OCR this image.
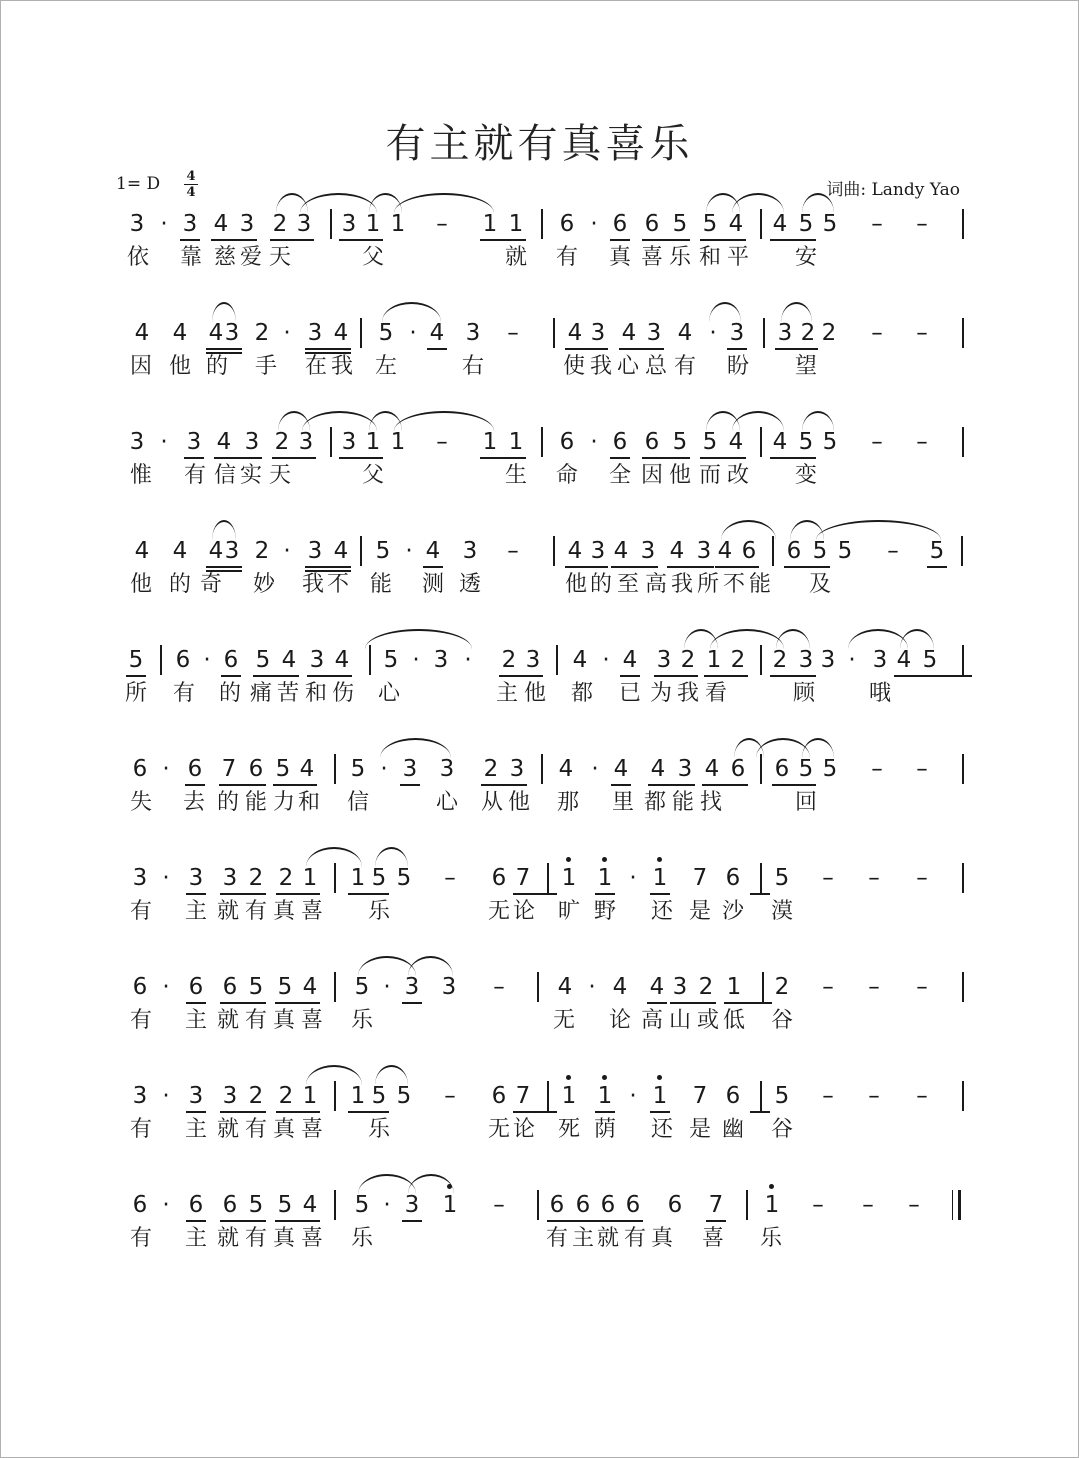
有主就有真喜乐
1= D 4
4	词曲: Landy Yao
3 · 3 4 3 2 3 3 1 1 – 1 1 6 · 6 6 5 5 4 4 5 5 – –
依 靠 慈 爱 天	父	就 有 真 喜 乐 和 平 安
4 4 4 3 2 · 3 4 5 · 4 3 – 4 3 4 3 4 · 3 3 2 2 – –
因 他 的 手 在 我 左	右	使 我 心 总 有 盼 望
3 · 3 4 3 2 3 3 1 1 – 1 1 6 · 6 6 5 5 4 4 5 5 – –
惟 有 信 实 天	父	生 命 全 因 他 而 改 变
4 4 4 3 2 · 3 4 5 · 4 3 – 4 3 4 3 4 3 4 6 6 5 5 – 5
他 的 奇 妙 我 不 能 测 透	他 的 至 高 我 所 不 能 及
5 6 · 6 5 4 3 4 5 · 3 ·	2 3 4 · 4 3 2 1 2 2 3 3 · 3 4 5
所 有 的 痛 苦 和 伤 心	主 他 都 已 为 我 看	顾 哦
6 · 6 7 6 5 4 5 · 3 3 2 3 4 · 4 4 3 4 6 6 5 5 – –
失 去 的 能 力 和 信	心 从 他 那 里 都 能 找	回
3 · 3 3 2 2 1 1 5 5 – 6 7 1 1 · 1 7 6 5 – – –
有 主 就 有 真 喜 乐	无 论 旷 野 还 是 沙 漠
6 · 6 6 5 5 4 5 · 3 3 – 4 · 4 4 3 2 1 2 – – –
有 主 就 有 真 喜 乐	无 论 高 山 或 低 谷
3 · 3 3 2 2 1 1 5 5 – 6 7 1 1 · 1 7 6 5 – – –
有 主 就 有 真 喜 乐	无 论 死 荫 还 是 幽 谷
6 · 6 6 5 5 4 5 · 3 1 – 6 6 6 6 6 7 1 – – –
有 主 就 有 真 喜 乐	有 主 就 有 真 喜 乐
